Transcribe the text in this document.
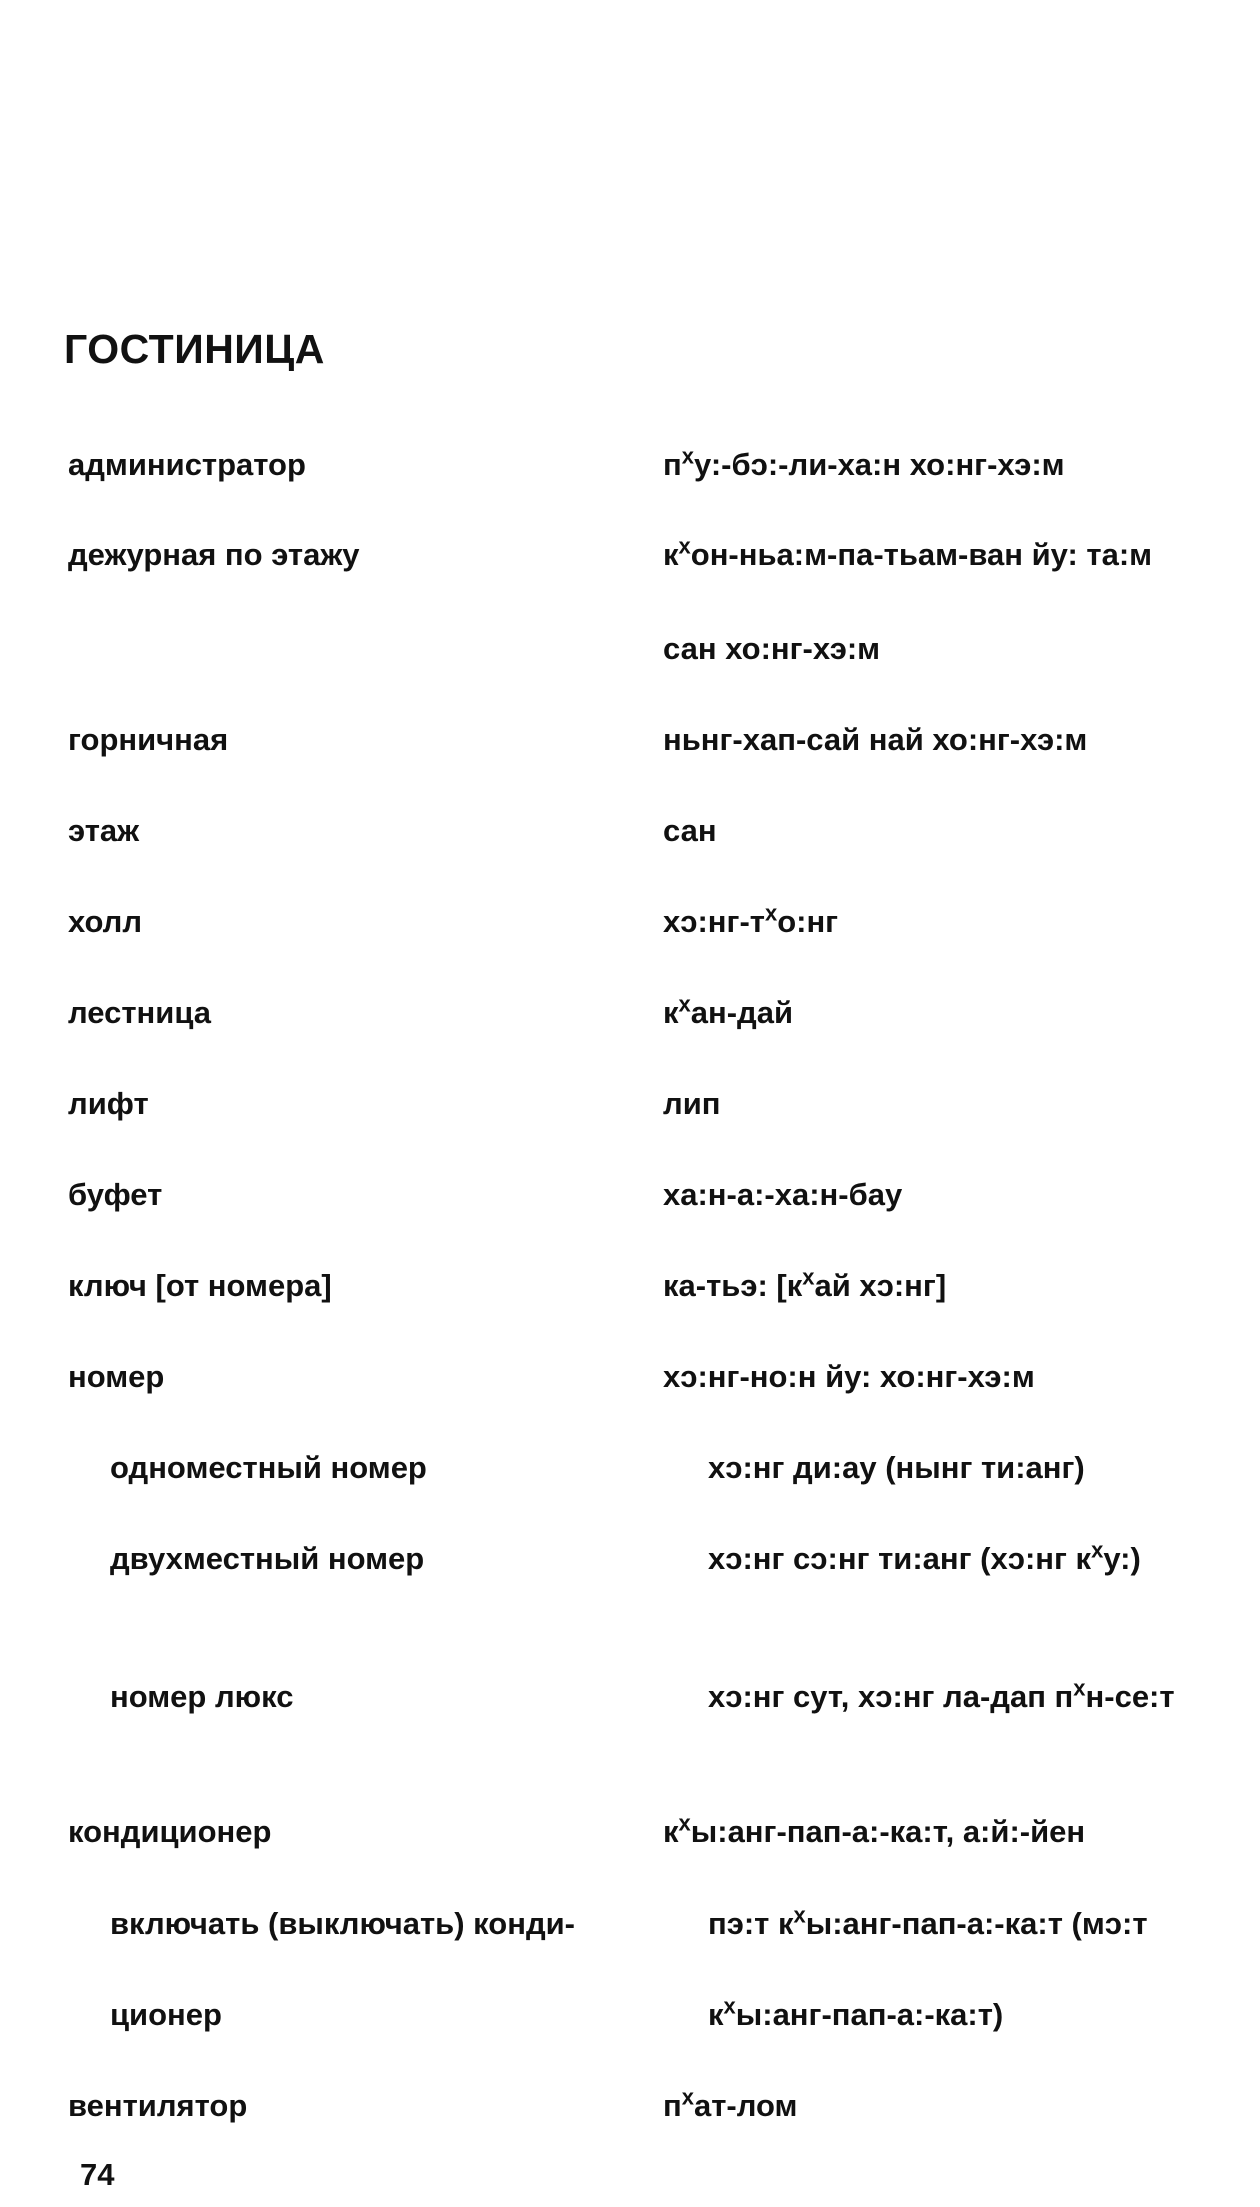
ГОСТИНИЦА
администратор	$п^xу:-бɔ:-ли-ха:н$ хо:нг-хэ:м
дежурная по этажу	$к^xон-ньа:м-па-тьам$-ван йу: та:м
сан хо:нг-хэ:м
горничная	ньнг-хап-сай най хо:нг-хэ:м
этаж	сан
холл	$хɔ:нг-т^xо:нг$
лестница	$к^xан$-дай
лифт	лип
буфет	ха:н-а:-ха:н-бау
ключ [от номера]	ка-тьэ: [$к^xай$ хɔ:нг]
номер	хɔ:нг-но:н йу: хо:нг-хэ:м
одноместный номер	хɔ:нг ди:ау (нынг ти:анг)
двухместный номер	хɔ:нг сɔ:нг ти:анг (хɔ:нг $к^xу$:)
номер люкс	хɔ:нг сут, хɔ:нг ла-дап $п^xн-се:т$
кондиционер	$к^xы:анг-пап-а:-ка:т$, а:й:-йен
включать (выключать) конди-	пэ:т $к^xы:анг-пап-а:-ка:т$ (мɔ:т
ционер	$к^xы:анг-пап-а:-ка:т$)
вентилятор	$п^xат$-лом
74
